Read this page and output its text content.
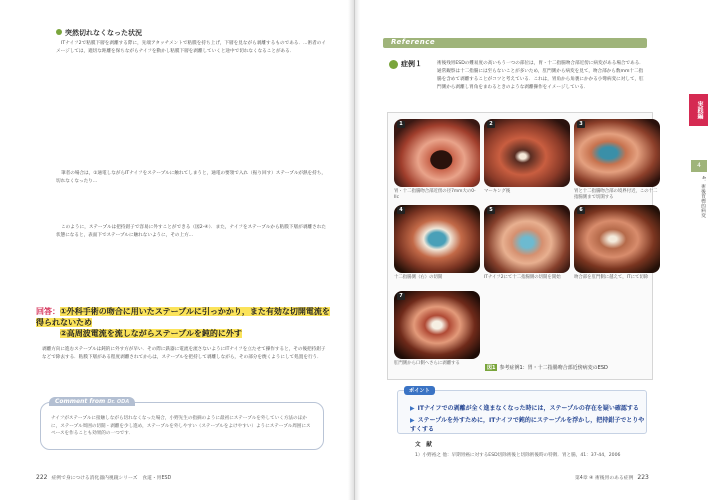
突然切れなくなった状況

ITナイフ2で粘膜下層を剥離する際に，先端アタッチメントで粘膜を持ち上げ，下層を見ながら剥離するものである．...術者のイメージしては，適切な距離を保ちながらナイフを動かし粘膜下層を剥離していくと途中で切れなくなることがある．

筆者の場合は，①通電しながらITナイフをステープルに触れてしまうと，通電の要領で入れ（振り回す）ステープルが熱を持ち，切れなくなったり...

このように，ステープルは把持鉗子で容易に外すことができる（図2-④）．また，ナイフをステープルから粘膜下層が剥離された状態になると，表面下でステープルに触れないように，その上方...

回答：①外科手術の吻合に用いたステープルに引っかかり，また有効な切開電流を得られないため
②高周波電流を流しながらステープルを鈍的に外す
剥離方向に進むステープルは鈍的に外す方が早い．その際に鉄器に電流を流さないようにITナイフを立たせて操作すると，その後把持鉗子などで除去する．粘膜下層がある程度剥離されてからは，ステープルを把持して剥離しながら，その部分を焼くようにして処置を行う．
Comment from Dr. ODA
ナイフがステープルに接触しながら切れなくなった場合，小野先生の指摘のように最初にステープルを外していく方法のほかに，ステープル周囲の切開・剥離を少し進め，ステープルを外しやすい（ステープルをよけやすい）ようにステープル周囲にスペースを作ることも効果的の一つです．
222 症例で身につける消化器内視鏡シリーズ　食道・胃ESD
Reference
症例１	術後残胃ESDの難易度の高いもう一つの部位は，胃・十二指腸吻合部近傍に病変がある場合である．通常観察は十二指腸には至らないことが多いため，肛門側から病変を見て，吻合部から数mm十二指腸を含めて剥離することがコツと考えている．これは，胃角から角裏にかかる小彎病変に対して，肛門側から剥離し胃角をまわるときのような剥離操作をイメージしている．
1
胃・十二指腸吻合部近傍の径7mm大の0-IIc
2
マーキング後
3
胃と十二指腸吻合部の境界付近，この十二指腸側まで切開する
4
十二指腸側（右）の切開
5
ITナイフ2にて十二指腸側の切開を開始
6
吻合部を肛門側に越えて，ITにて切除
7
肛門側から口側へさらに剥離する
図1 参考症例1：胃・十二指腸吻合部近傍病変のESD
ポイント
▶ ITナイフでの剥離が全く進まなくなった時には，ステープルの存在を疑い確認する
▶ ステープルを外すために，ITナイフで鈍的にステープルを浮かし，把持鉗子でとりやすくする
文　献
1）小野裕之 他：早期胃癌に対するESD切除術後と切除術後時の特徴．胃と腸，41：37-44，2006
第4章 ④ 術後胃のある症例 223
実践編
4
4．術後胃標的病変
